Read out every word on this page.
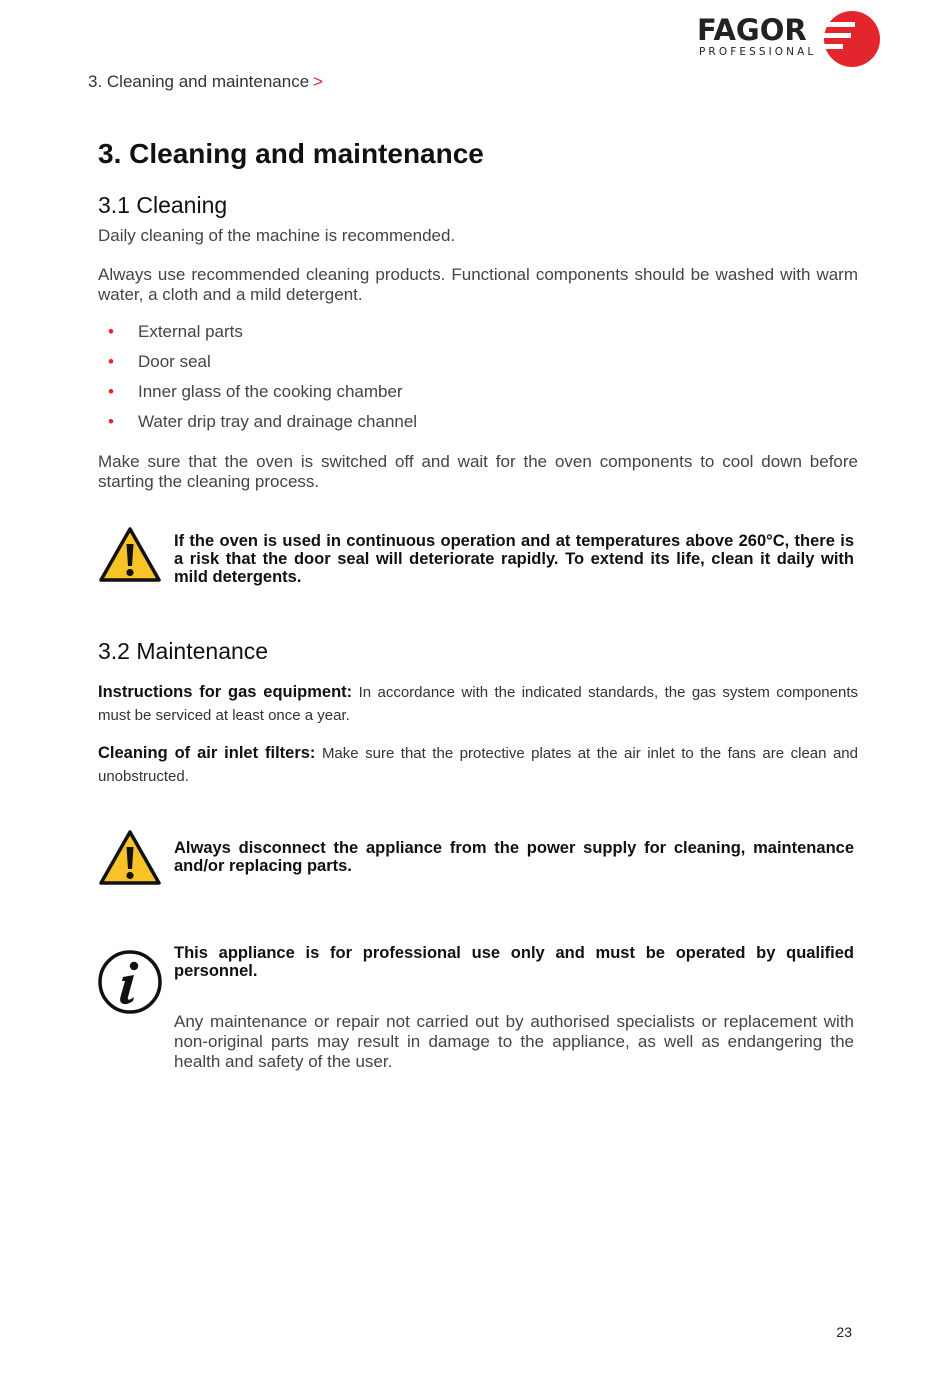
FAGOR
PROFESSIONAL
3. Cleaning and maintenance >
3. Cleaning and maintenance
3.1 Cleaning

Daily cleaning of the machine is recommended.

Always use recommended cleaning products. Functional components should be washed with warm water, a cloth and a mild detergent.

• External parts
• Door seal
• Inner glass of the cooking chamber
• Water drip tray and drainage channel

Make sure that the oven is switched off and wait for the oven components to cool down before starting the cleaning process.

If the oven is used in continuous operation and at temperatures above 260°C, there is a risk that the door seal will deteriorate rapidly. To extend its life, clean it daily with mild detergents.

3.2 Maintenance

Instructions for gas equipment: In accordance with the indicated standards, the gas system components must be serviced at least once a year.

Cleaning of air inlet filters: Make sure that the protective plates at the air inlet to the fans are clean and unobstructed.

Always disconnect the appliance from the power supply for cleaning, maintenance and/or replacing parts.

This appliance is for professional use only and must be operated by qualified personnel.

Any maintenance or repair not carried out by authorised specialists or replacement with non-original parts may result in damage to the appliance, as well as endangering the health and safety of the user.

23
